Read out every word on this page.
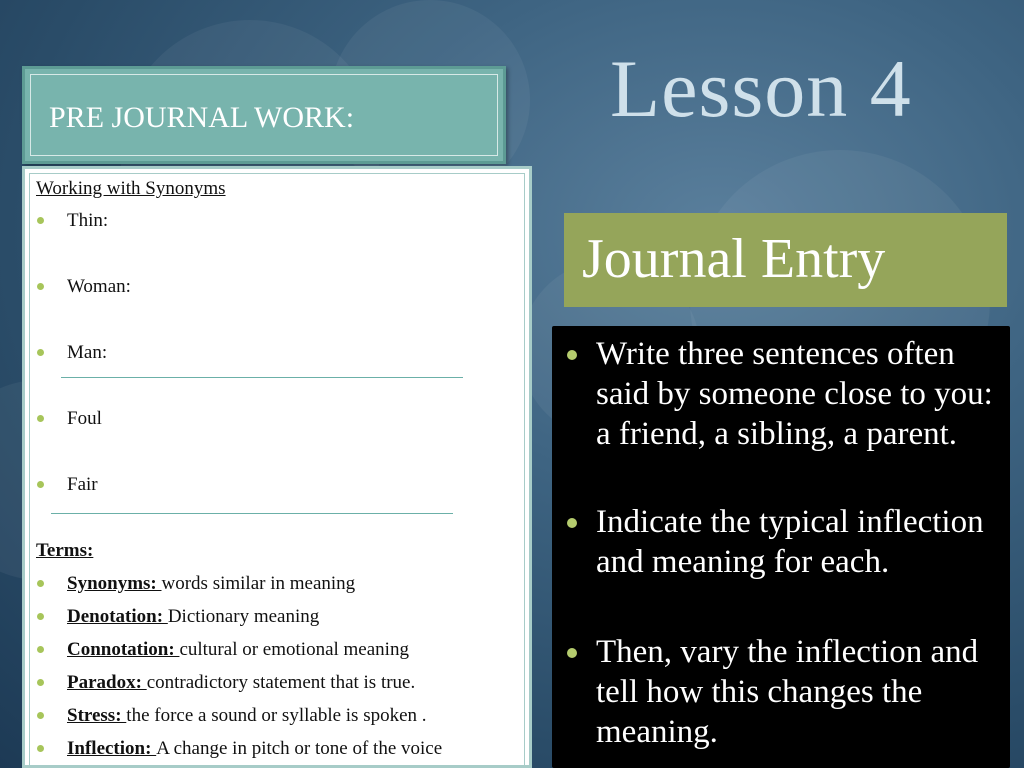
PRE JOURNAL WORK:
Working with Synonyms
Thin:
Woman:
Man:
Foul
Fair
Terms:
Synonyms: words similar in meaning
Denotation: Dictionary meaning
Connotation: cultural or emotional meaning
Paradox: contradictory statement that is true.
Stress: the force a sound or syllable is spoken .
Inflection: A change in pitch or tone of the voice
Lesson 4
Journal Entry
Write three sentences often said by someone close to you: a friend, a sibling, a parent.
Indicate the typical inflection and meaning for each.
Then, vary the inflection and tell how this changes the meaning.
